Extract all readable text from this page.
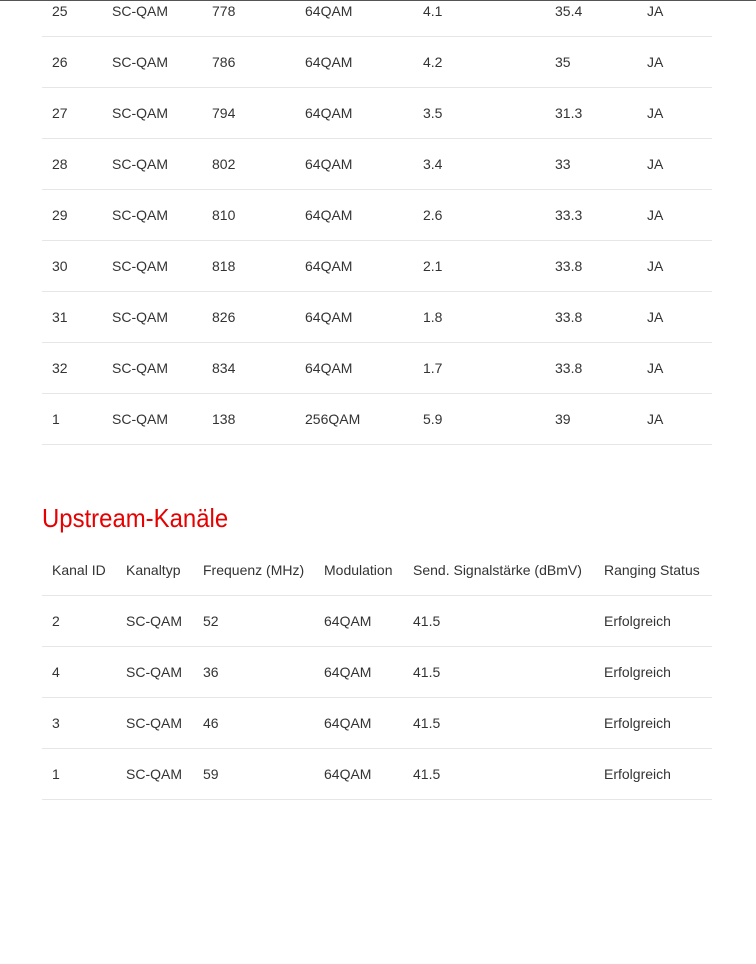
25	SC-QAM	778	64QAM	4.1	35.4	JA
26	SC-QAM	786	64QAM	4.2	35	JA
27	SC-QAM	794	64QAM	3.5	31.3	JA
28	SC-QAM	802	64QAM	3.4	33	JA
29	SC-QAM	810	64QAM	2.6	33.3	JA
30	SC-QAM	818	64QAM	2.1	33.8	JA
31	SC-QAM	826	64QAM	1.8	33.8	JA
32	SC-QAM	834	64QAM	1.7	33.8	JA
1	SC-QAM	138	256QAM	5.9	39	JA
Upstream-Kanäle
Kanal ID	Kanaltyp	Frequenz (MHz)	Modulation	Send. Signalstärke (dBmV)	Ranging Status
2	SC-QAM	52	64QAM	41.5	Erfolgreich
4	SC-QAM	36	64QAM	41.5	Erfolgreich
3	SC-QAM	46	64QAM	41.5	Erfolgreich
1	SC-QAM	59	64QAM	41.5	Erfolgreich
